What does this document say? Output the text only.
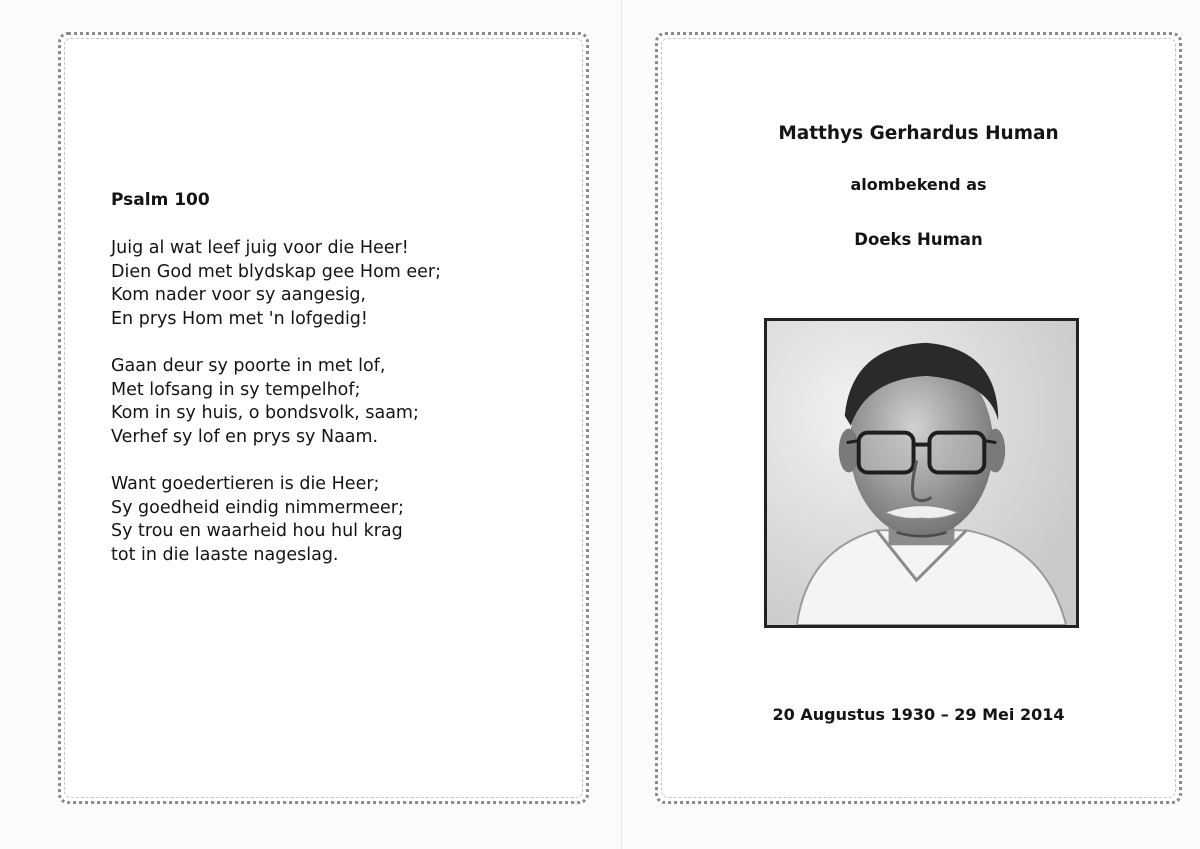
Psalm 100
Juig al wat leef juig voor die Heer!
Dien God met blydskap gee Hom eer;
Kom nader voor sy aangesig,
En prys Hom met 'n lofgedig!
Gaan deur sy poorte in met lof,
Met lofsang in sy tempelhof;
Kom in sy huis, o bondsvolk, saam;
Verhef sy lof en prys sy Naam.
Want goedertieren is die Heer;
Sy goedheid eindig nimmermeer;
Sy trou en waarheid hou hul krag
tot in die laaste nageslag.
Matthys Gerhardus Human
alombekend as
Doeks Human
20 Augustus 1930 – 29 Mei 2014
